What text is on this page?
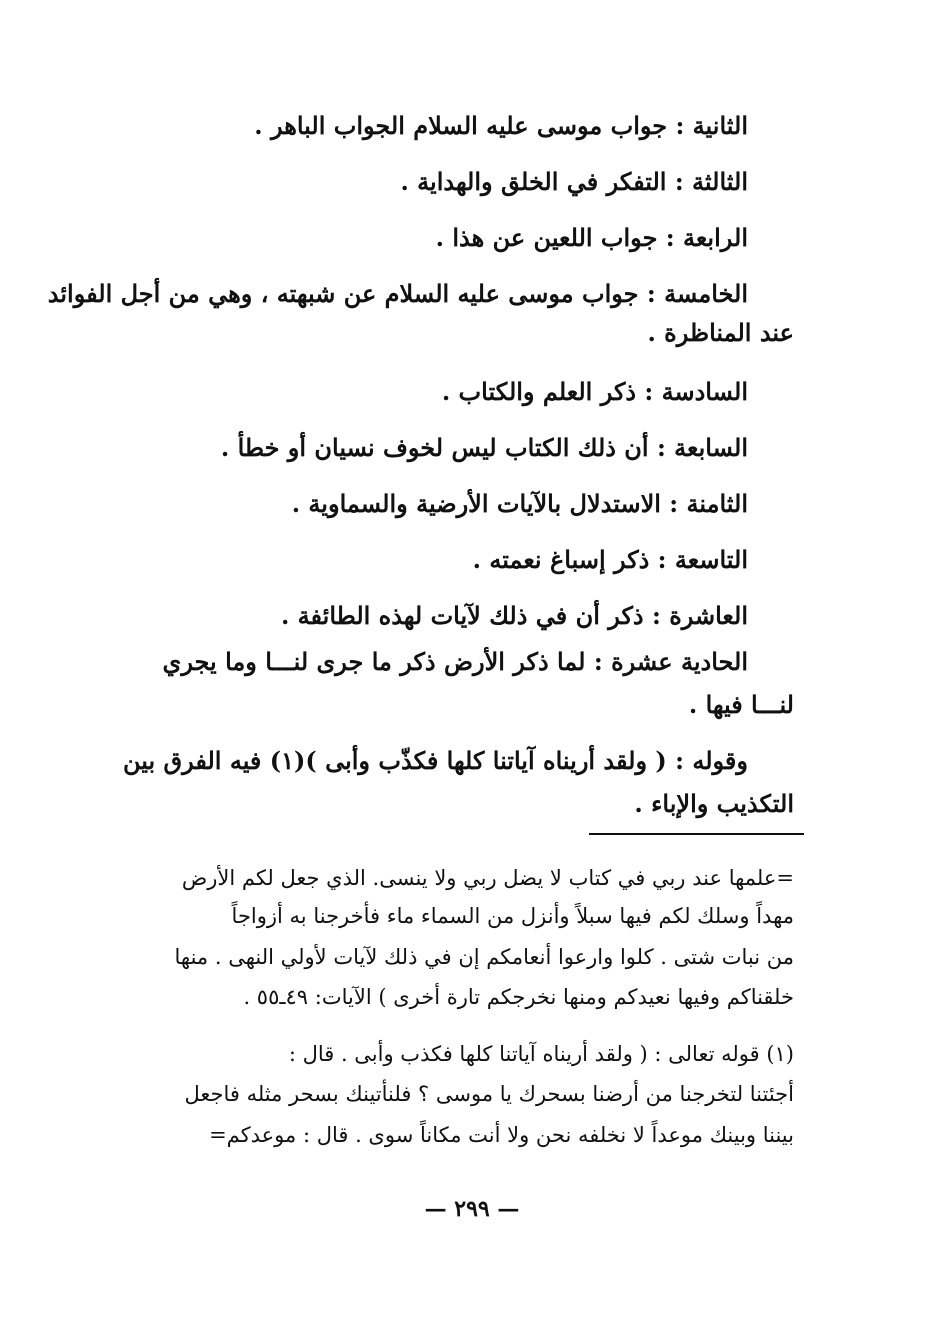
الثانية : جواب موسى عليه السلام الجواب الباهر .
الثالثة : التفكر في الخلق والهداية .
الرابعة : جواب اللعين عن هذا .
الخامسة : جواب موسى عليه السلام عن شبهته ، وهي من أجل الفوائد
عند المناظرة .
السادسة : ذكر العلم والكتاب .
السابعة : أن ذلك الكتاب ليس لخوف نسيان أو خطأ .
الثامنة : الاستدلال بالآيات الأرضية والسماوية .
التاسعة : ذكر إسباغ نعمته .
العاشرة : ذكر أن في ذلك لآيات لهذه الطائفة .
الحادية عشرة : لما ذكر الأرض ذكر ما جرى لنـــا وما يجري
لنـــا فيها .
وقوله : ( ولقد أريناه آياتنا كلها فكذّب وأبى )(١) فيه الفرق بين
التكذيب والإباء .
=علمها عند ربي في كتاب لا يضل ربي ولا ينسى. الذي جعل لكم الأرض
مهداً وسلك لكم فيها سبلاً وأنزل من السماء ماء فأخرجنا به أزواجاً
من نبات شتى . كلوا وارعوا أنعامكم إن في ذلك لآيات لأولي النهى . منها
خلقناكم وفيها نعيدكم ومنها نخرجكم تارة أخرى ) الآيات: ٤٩ـ٥٥ .
(١) قوله تعالى : ( ولقد أريناه آياتنا كلها فكذب وأبى . قال :
أجئتنا لتخرجنا من أرضنا بسحرك يا موسى ؟ فلنأتينك بسحر مثله فاجعل
بيننا وبينك موعداً لا نخلفه نحن ولا أنت مكاناً سوى . قال : موعدكم=
— ٢٩٩ —
